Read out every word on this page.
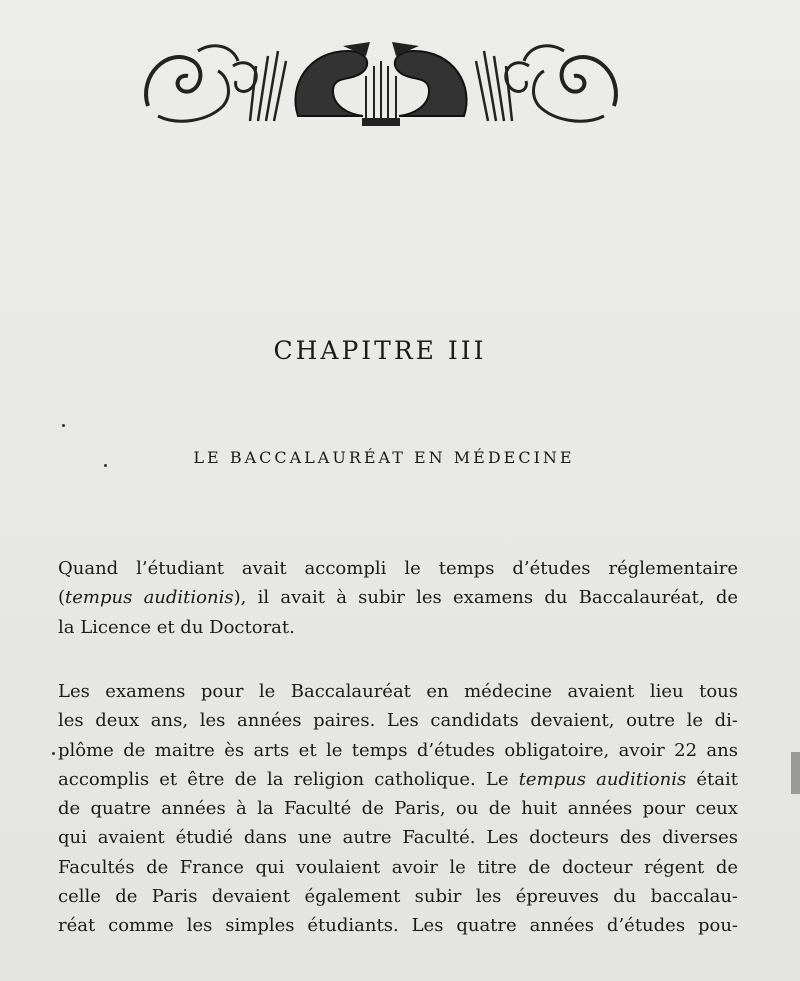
CHAPITRE III
LE BACCALAURÉAT EN MÉDECINE
Quand l’étudiant avait accompli le temps d’études réglementaire
(tempus auditionis), il avait à subir les examens du Baccalauréat, de
la Licence et du Doctorat.
Les examens pour le Baccalauréat en médecine avaient lieu tous
les deux ans, les années paires. Les candidats devaient, outre le di-
plôme de maitre ès arts et le temps d’études obligatoire, avoir 22 ans
accomplis et être de la religion catholique. Le tempus auditionis était
de quatre années à la Faculté de Paris, ou de huit années pour ceux
qui avaient étudié dans une autre Faculté. Les docteurs des diverses
Facultés de France qui voulaient avoir le titre de docteur régent de
celle de Paris devaient également subir les épreuves du baccalau-
réat comme les simples étudiants. Les quatre années d’études pou-
